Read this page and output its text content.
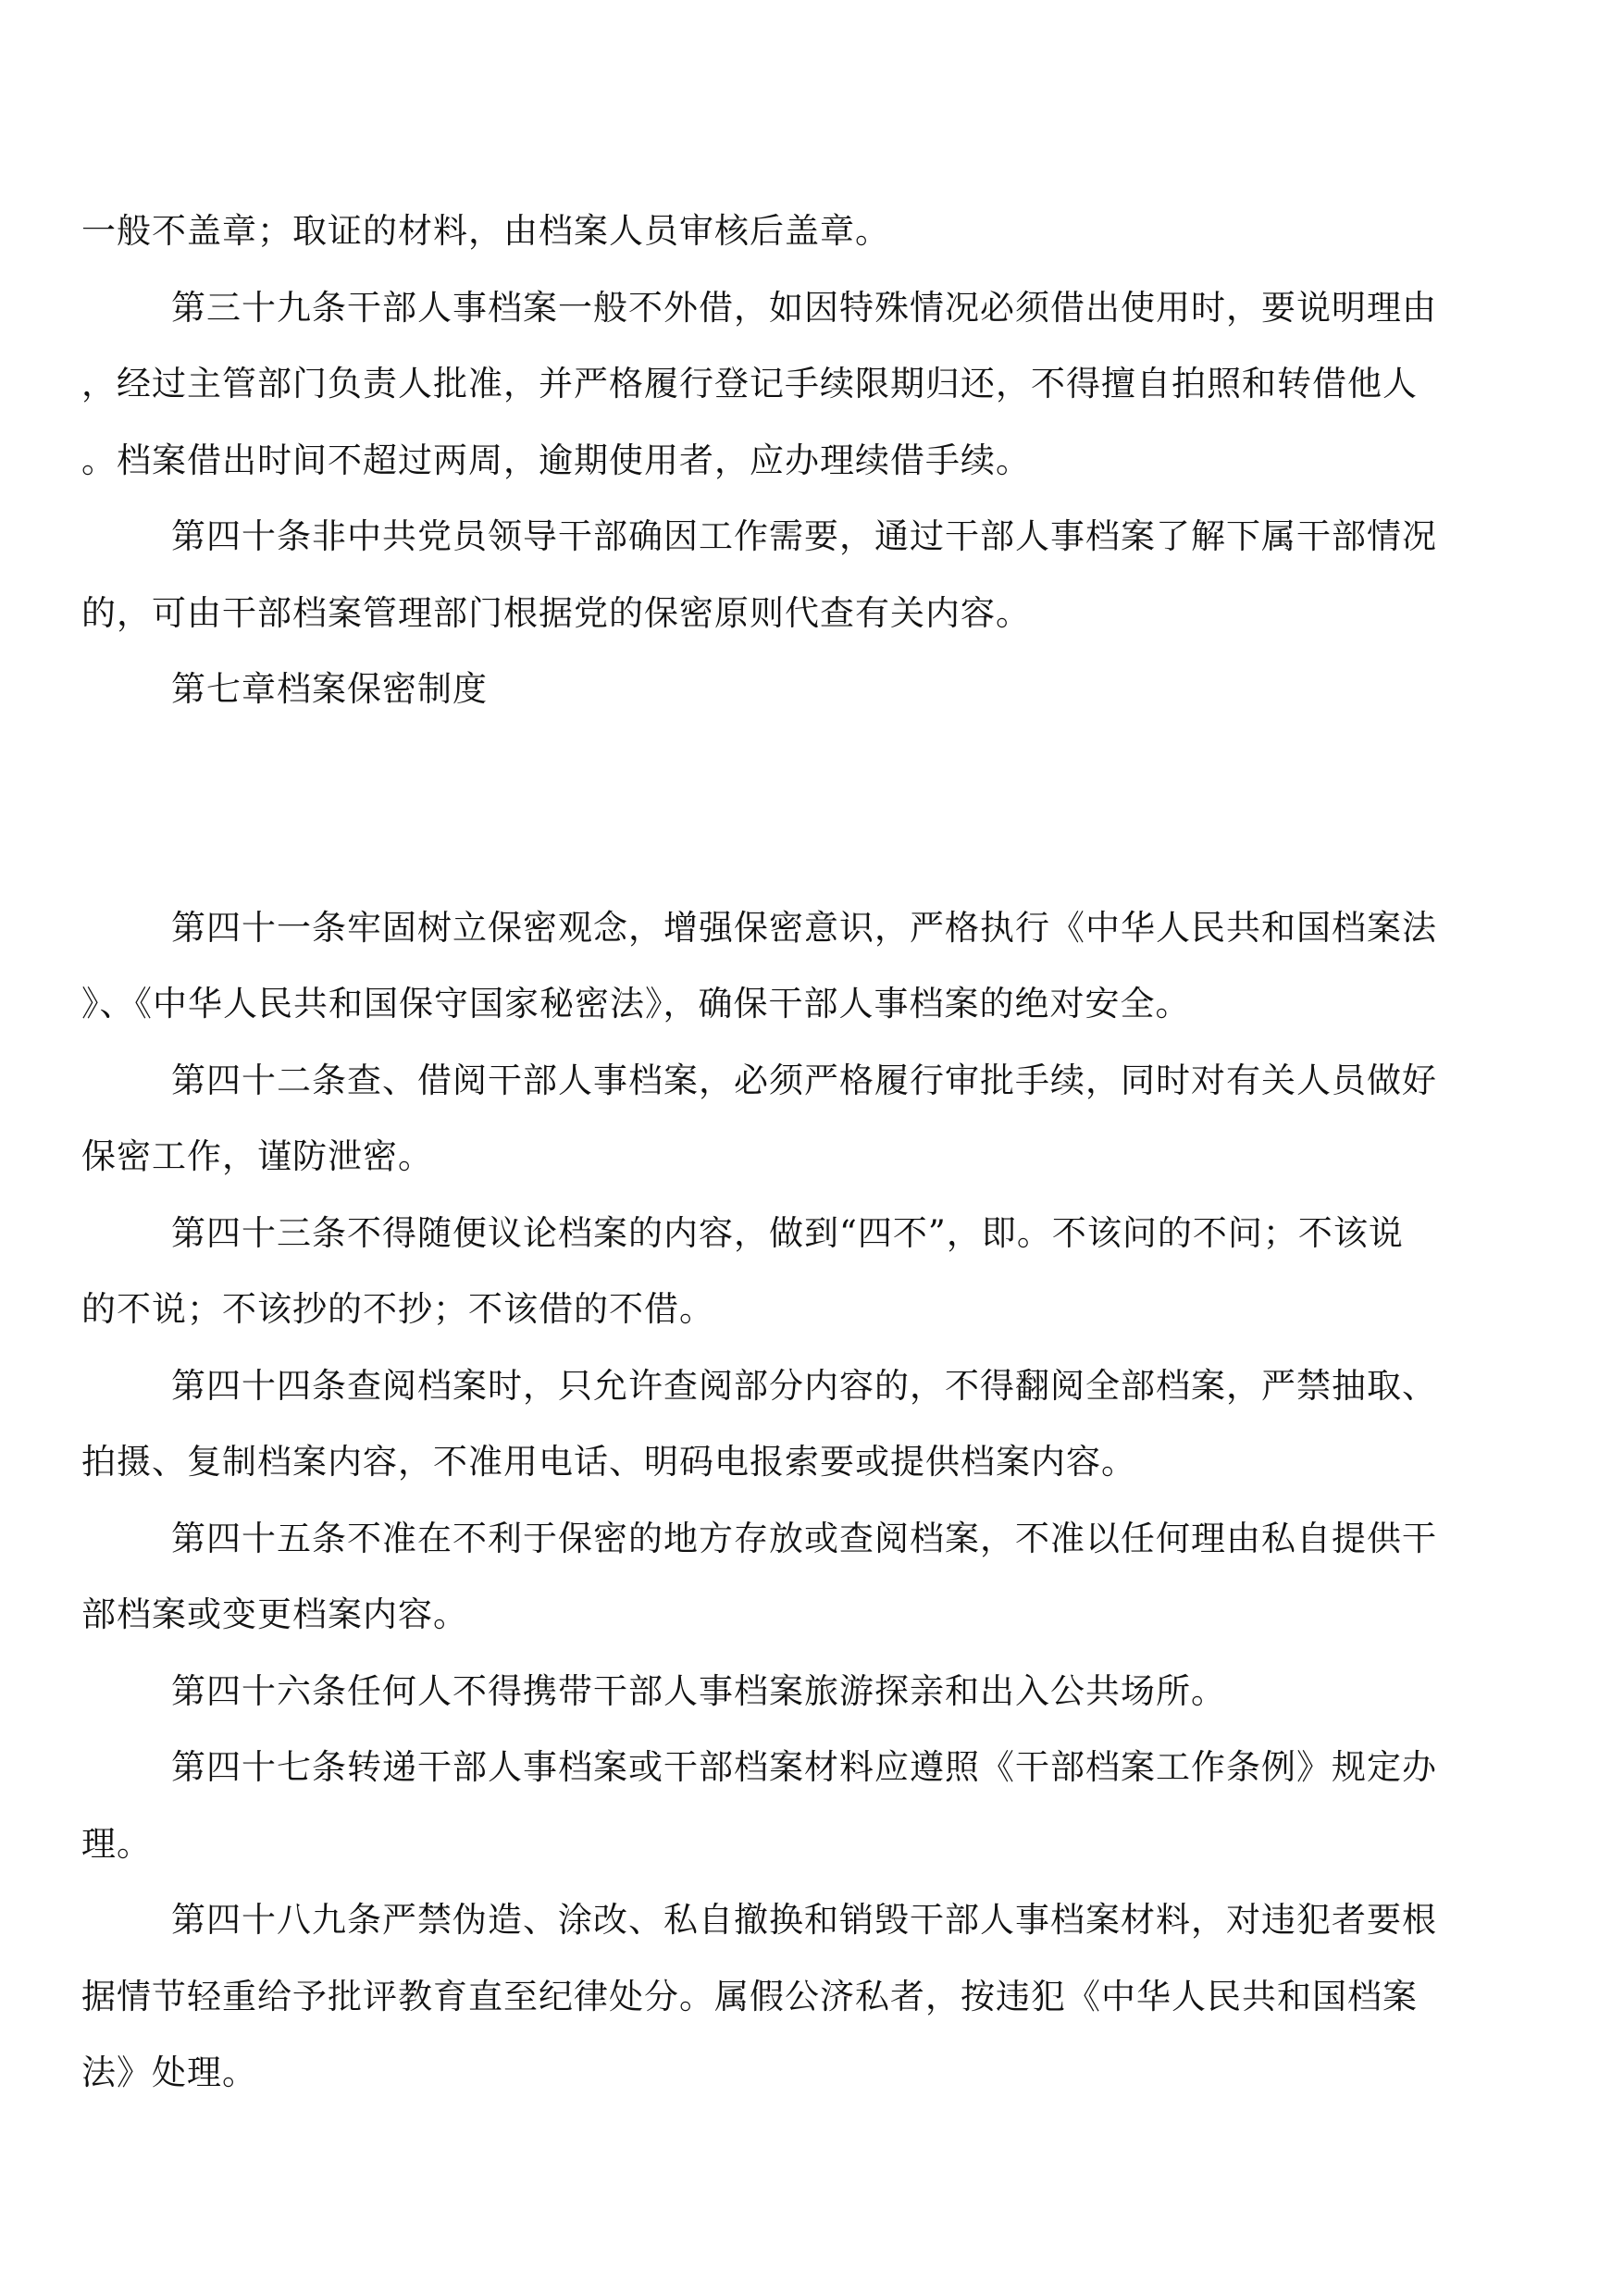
一般不盖章；取证的材料，由档案人员审核后盖章。
第三十九条干部人事档案一般不外借，如因特殊情况必须借出使用时，要说明理由
，经过主管部门负责人批准，并严格履行登记手续限期归还，不得擅自拍照和转借他人
。档案借出时间不超过两周，逾期使用者，应办理续借手续。
第四十条非中共党员领导干部确因工作需要，通过干部人事档案了解下属干部情况
的，可由干部档案管理部门根据党的保密原则代查有关内容。
第七章档案保密制度
第四十一条牢固树立保密观念，增强保密意识，严格执行《中华人民共和国档案法
》、《中华人民共和国保守国家秘密法》，确保干部人事档案的绝对安全。
第四十二条查、借阅干部人事档案，必须严格履行审批手续，同时对有关人员做好
保密工作，谨防泄密。
第四十三条不得随便议论档案的内容，做到“四不”，即。不该问的不问；不该说
的不说；不该抄的不抄；不该借的不借。
第四十四条查阅档案时，只允许查阅部分内容的，不得翻阅全部档案，严禁抽取、
拍摄、复制档案内容，不准用电话、明码电报索要或提供档案内容。
第四十五条不准在不利于保密的地方存放或查阅档案，不准以任何理由私自提供干
部档案或变更档案内容。
第四十六条任何人不得携带干部人事档案旅游探亲和出入公共场所。
第四十七条转递干部人事档案或干部档案材料应遵照《干部档案工作条例》规定办
理。
第四十八九条严禁伪造、涂改、私自撤换和销毁干部人事档案材料，对违犯者要根
据情节轻重给予批评教育直至纪律处分。属假公济私者，按违犯《中华人民共和国档案
法》处理。
